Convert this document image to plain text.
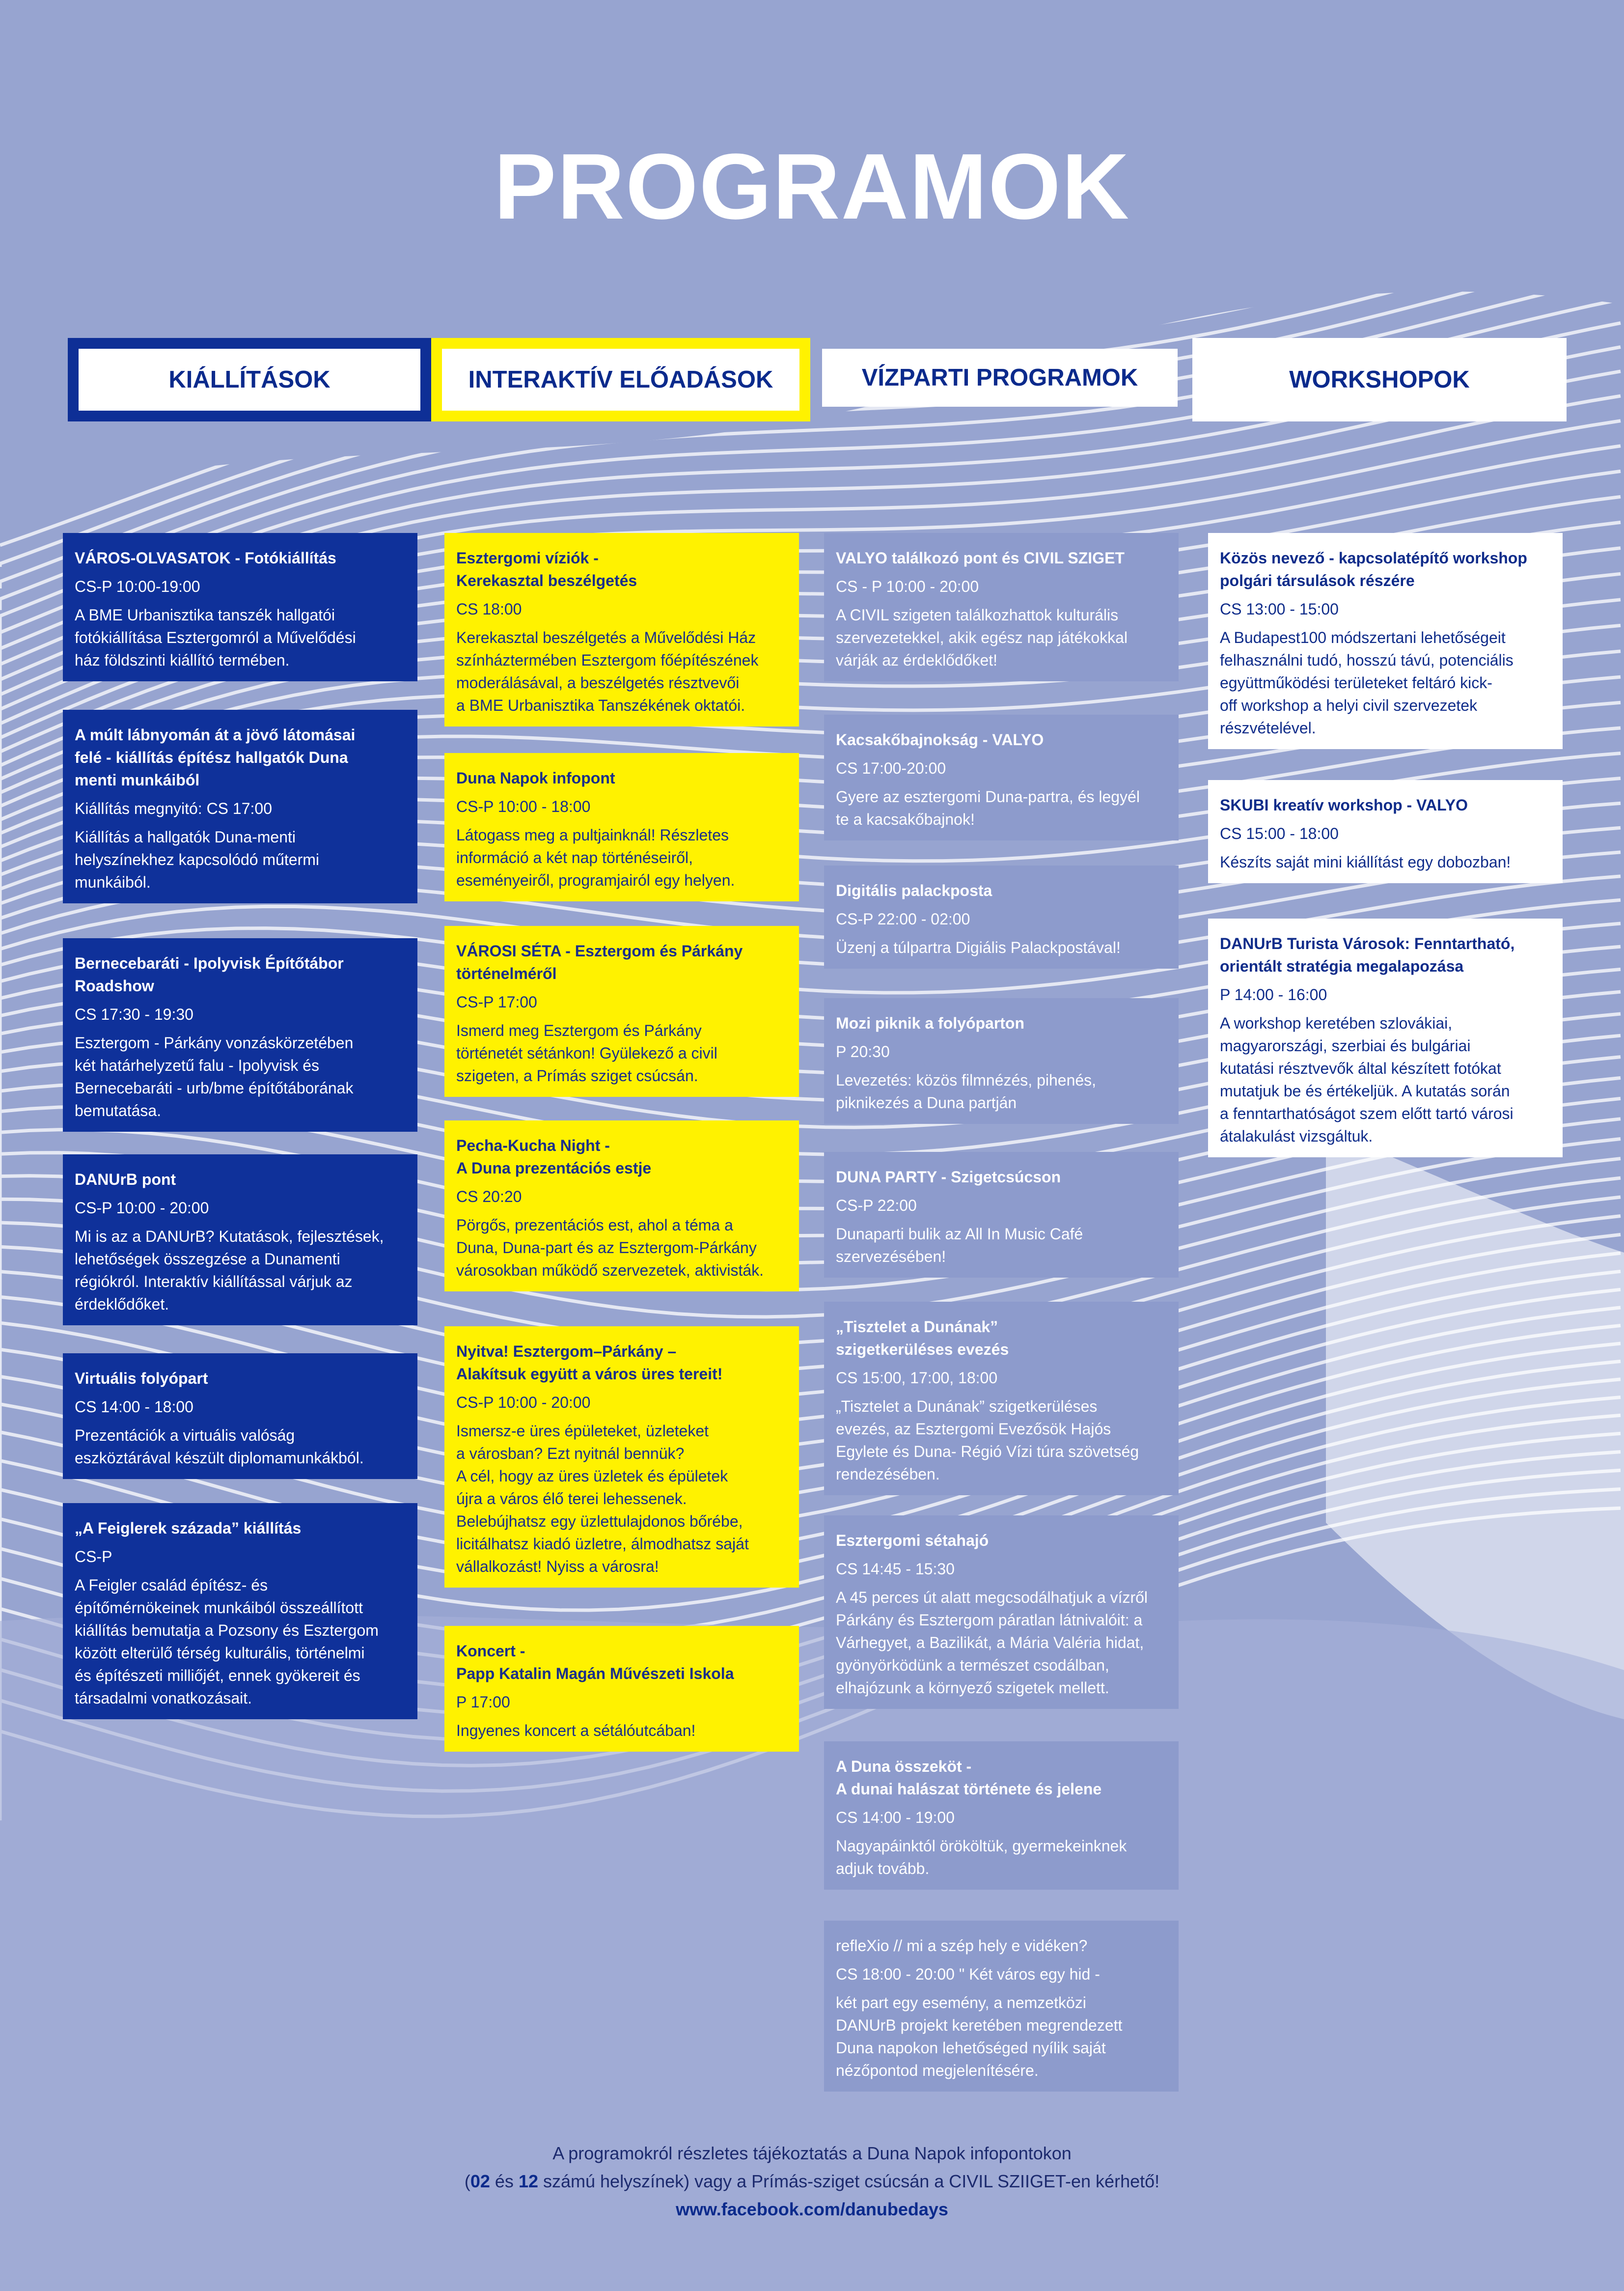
PROGRAMOK
KIÁLLÍTÁSOK	INTERAKTÍV ELŐADÁSOK	VÍZPARTI PROGRAMOK	WORKSHOPOK
VÁROS-OLVASATOK - Fotókiállítás
CS-P 10:00-19:00
A BME Urbanisztika tanszék hallgatói
fotókiállítása Esztergomról a Művelődési
ház földszinti kiállító termében.
A múlt lábnyomán át a jövő látomásai
felé - kiállítás építész hallgatók Duna
menti munkáiból
Kiállítás megnyitó: CS 17:00
Kiállítás a hallgatók Duna-menti
helyszínekhez kapcsolódó műtermi
munkáiból.
Bernecebaráti - Ipolyvisk Építőtábor
Roadshow
CS 17:30 - 19:30
Esztergom - Párkány vonzáskörzetében
két határhelyzetű falu - Ipolyvisk és
Bernecebaráti - urb/bme építőtáborának
bemutatása.
DANUrB pont
CS-P 10:00 - 20:00
Mi is az a DANUrB? Kutatások, fejlesztések,
lehetőségek összegzése a Dunamenti
régiókról. Interaktív kiállítással várjuk az
érdeklődőket.
Virtuális folyópart
CS 14:00 - 18:00
Prezentációk a virtuális valóság
eszköztárával készült diplomamunkákból.
„A Feiglerek százada” kiállítás
CS-P
A Feigler család építész- és
építőmérnökeinek munkáiból összeállított
kiállítás bemutatja a Pozsony és Esztergom
között elterülő térség kulturális, történelmi
és építészeti milliőjét, ennek gyökereit és
társadalmi vonatkozásait.
Esztergomi víziók -
Kerekasztal beszélgetés
CS 18:00
Kerekasztal beszélgetés a Művelődési Ház
színháztermében Esztergom főépítészének
moderálásával, a beszélgetés résztvevői
a BME Urbanisztika Tanszékének oktatói.
Duna Napok infopont
CS-P 10:00 - 18:00
Látogass meg a pultjainknál! Részletes
információ a két nap történéseiről,
eseményeiről, programjairól egy helyen.
VÁROSI SÉTA - Esztergom és Párkány
történelméről
CS-P 17:00
Ismerd meg Esztergom és Párkány
történetét sétánkon! Gyülekező a civil
szigeten, a Prímás sziget csúcsán.
Pecha-Kucha Night -
A Duna prezentációs estje
CS 20:20
Pörgős, prezentációs est, ahol a téma a
Duna, Duna-part és az Esztergom-Párkány
városokban működő szervezetek, aktivisták.
Nyitva! Esztergom–Párkány –
Alakítsuk együtt a város üres tereit!
CS-P 10:00 - 20:00
Ismersz-e üres épületeket, üzleteket
a városban? Ezt nyitnál bennük?
A cél, hogy az üres üzletek és épületek
újra a város élő terei lehessenek.
Belebújhatsz egy üzlettulajdonos bőrébe,
licitálhatsz kiadó üzletre, álmodhatsz saját
vállalkozást! Nyiss a városra!
Koncert -
Papp Katalin Magán Művészeti Iskola
P 17:00
Ingyenes koncert a sétálóutcában!
VALYO találkozó pont és CIVIL SZIGET
CS - P 10:00 - 20:00
A CIVIL szigeten találkozhattok kulturális
szervezetekkel, akik egész nap játékokkal
várják az érdeklődőket!
Kacsakőbajnokság - VALYO
CS 17:00-20:00
Gyere az esztergomi Duna-partra, és legyél
te a kacsakőbajnok!
Digitális palackposta
CS-P 22:00 - 02:00
Üzenj a túlpartra Digiális Palackpostával!
Mozi piknik a folyóparton
P 20:30
Levezetés: közös filmnézés, pihenés,
piknikezés a Duna partján
DUNA PARTY - Szigetcsúcson
CS-P 22:00
Dunaparti bulik az All In Music Café
szervezésében!
„Tisztelet a Dunának”
szigetkerüléses evezés
CS 15:00, 17:00, 18:00
„Tisztelet a Dunának” szigetkerüléses
evezés, az Esztergomi Evezősök Hajós
Egylete és Duna- Régió Vízi túra szövetség
rendezésében.
Esztergomi sétahajó
CS 14:45 - 15:30
A 45 perces út alatt megcsodálhatjuk a vízről
Párkány és Esztergom páratlan látnivalóit: a
Várhegyet, a Bazilikát, a Mária Valéria hidat,
gyönyörködünk a természet csodálban,
elhajózunk a környező szigetek mellett.
A Duna összeköt -
A dunai halászat története és jelene
CS 14:00 - 19:00
Nagyapáinktól örököltük, gyermekeinknek
adjuk tovább.
refleXio // mi a szép hely e vidéken?
CS 18:00 - 20:00 " Két város egy hid -
két part egy esemény, a nemzetközi
DANUrB projekt keretében megrendezett
Duna napokon lehetőséged nyílik saját
nézőpontod megjelenítésére.
Közös nevező - kapcsolatépítő workshop
polgári társulások részére
CS 13:00 - 15:00
A Budapest100 módszertani lehetőségeit
felhasználni tudó, hosszú távú, potenciális
együttműködési területeket feltáró kick-
off workshop a helyi civil szervezetek
részvételével.
SKUBI kreatív workshop - VALYO
CS 15:00 - 18:00
Készíts saját mini kiállítást egy dobozban!
DANUrB Turista Városok: Fenntartható,
orientált stratégia megalapozása
P 14:00 - 16:00
A workshop keretében szlovákiai,
magyarországi, szerbiai és bulgáriai
kutatási résztvevők által készített fotókat
mutatjuk be és értékeljük. A kutatás során
a fenntarthatóságot szem előtt tartó városi
átalakulást vizsgáltuk.
A programokról részletes tájékoztatás a Duna Napok infopontokon
(02 és 12 számú helyszínek) vagy a Prímás-sziget csúcsán a CIVIL SZIIGET-en kérhető!
www.facebook.com/danubedays
